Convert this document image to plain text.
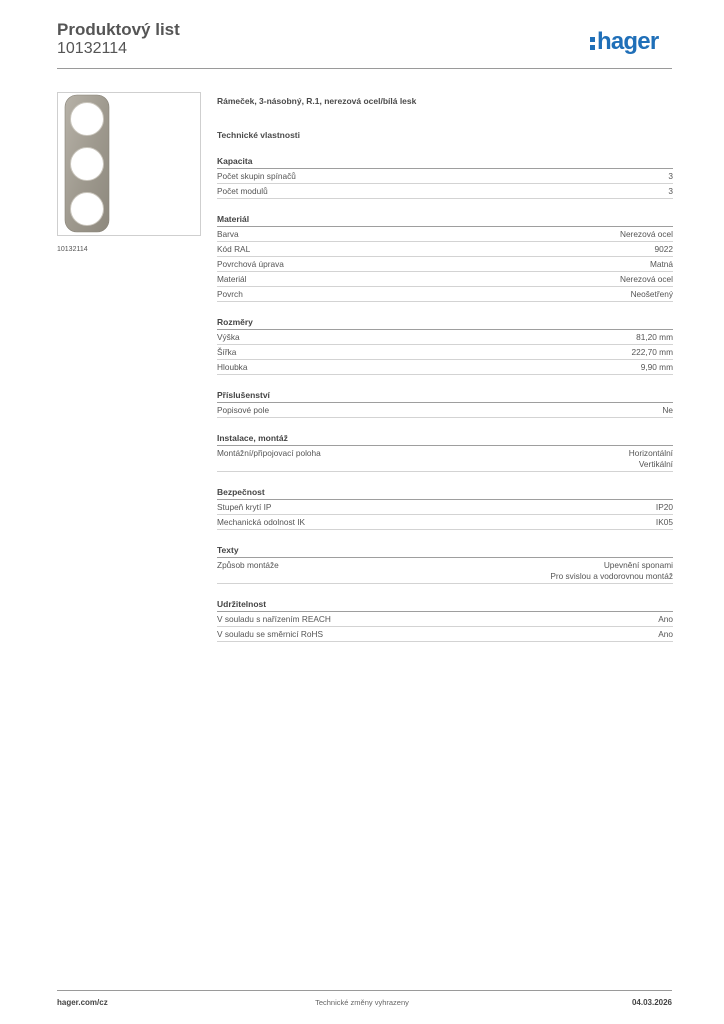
Produktový list
10132114	hager
10132114
Rámeček, 3-násobný, R.1, nerezová ocel/bílá lesk
Technické vlastnosti
Kapacita
Počet skupin spínačů	3
Počet modulů	3
Materiál
Barva	Nerezová ocel
Kód RAL	9022
Povrchová úprava	Matná
Materiál	Nerezová ocel
Povrch	Neošetřený
Rozměry
Výška	81,20 mm
Šířka	222,70 mm
Hloubka	9,90 mm
Příslušenství
Popisové pole	Ne
Instalace, montáž
Montážní/připojovací poloha	Horizontální
Vertikální
Bezpečnost
Stupeň krytí IP	IP20
Mechanická odolnost IK	IK05
Texty
Způsob montáže	Upevnění sponami
Pro svislou a vodorovnou montáž
Udržitelnost
V souladu s nařízením REACH	Ano
V souladu se směrnicí RoHS	Ano
hager.com/cz	Technické změny vyhrazeny	04.03.2026
